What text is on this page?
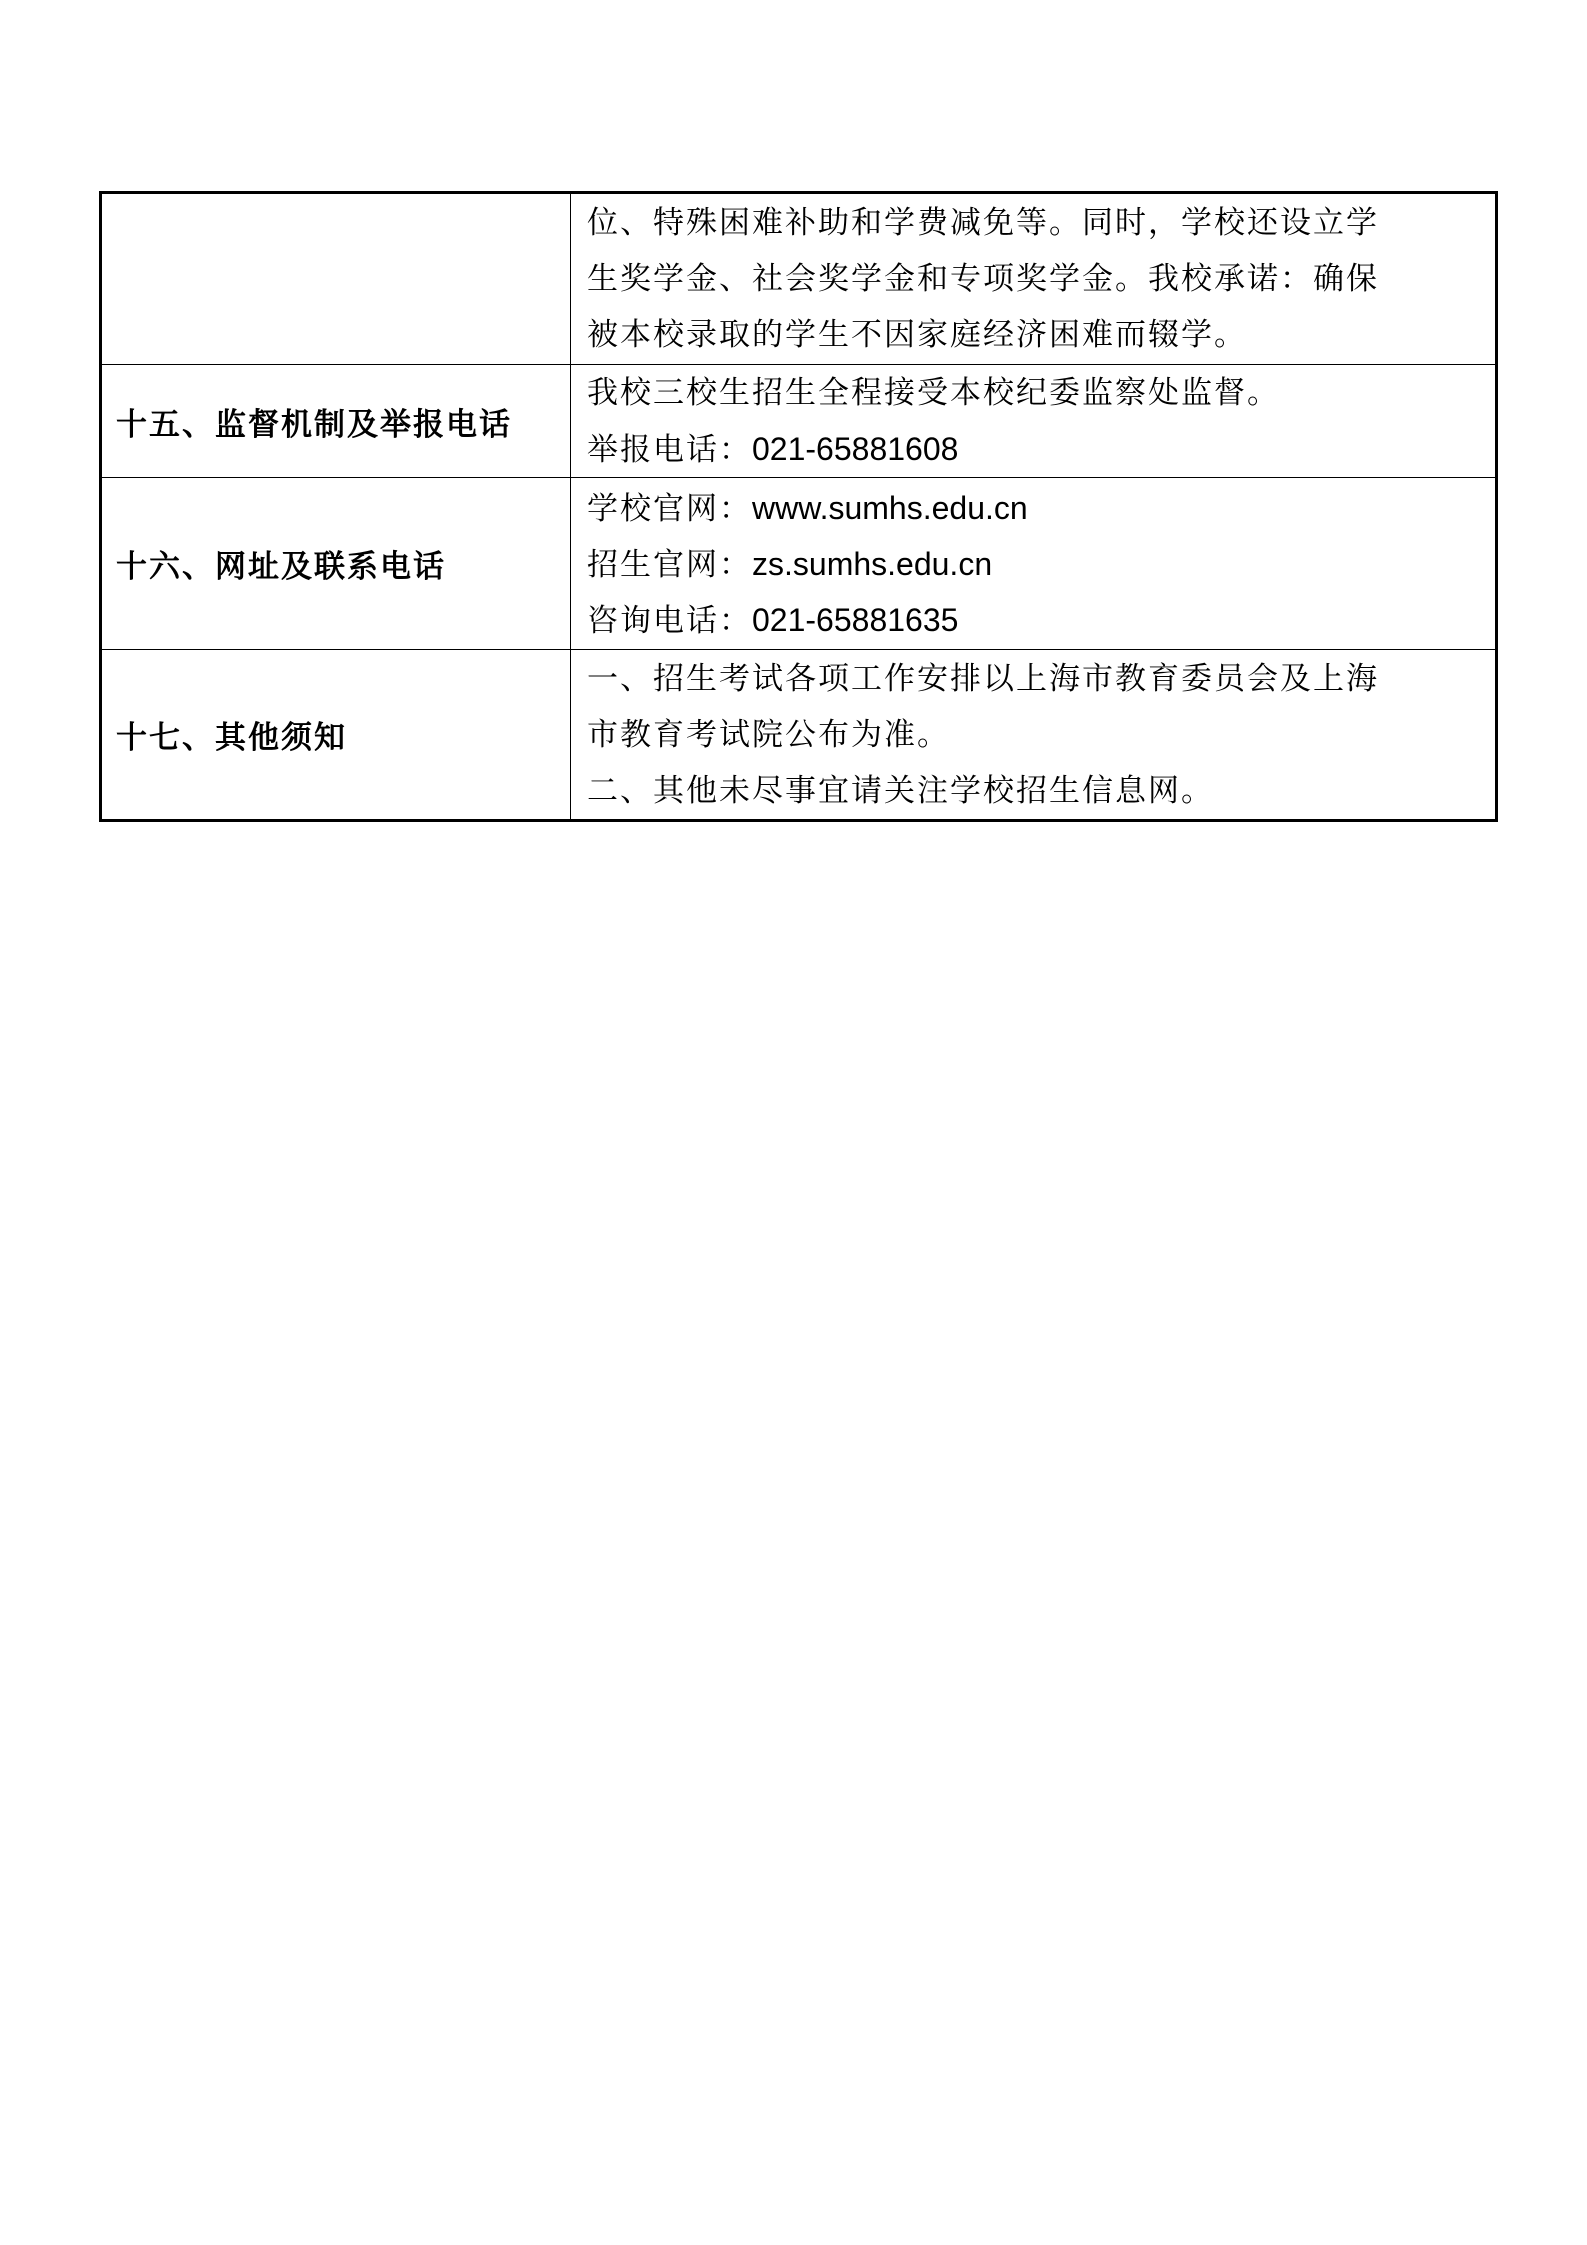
	位、特殊困难补助和学费减免等。同时，学校还设立学
生奖学金、社会奖学金和专项奖学金。我校承诺：确保
被本校录取的学生不因家庭经济困难而辍学。

十五、监督机制及举报电话	我校三校生招生全程接受本校纪委监察处监督。
举报电话：021-65881608

十六、网址及联系电话	学校官网：www.sumhs.edu.cn
招生官网：zs.sumhs.edu.cn
咨询电话：021-65881635

十七、其他须知	一、招生考试各项工作安排以上海市教育委员会及上海
市教育考试院公布为准。
二、其他未尽事宜请关注学校招生信息网。
